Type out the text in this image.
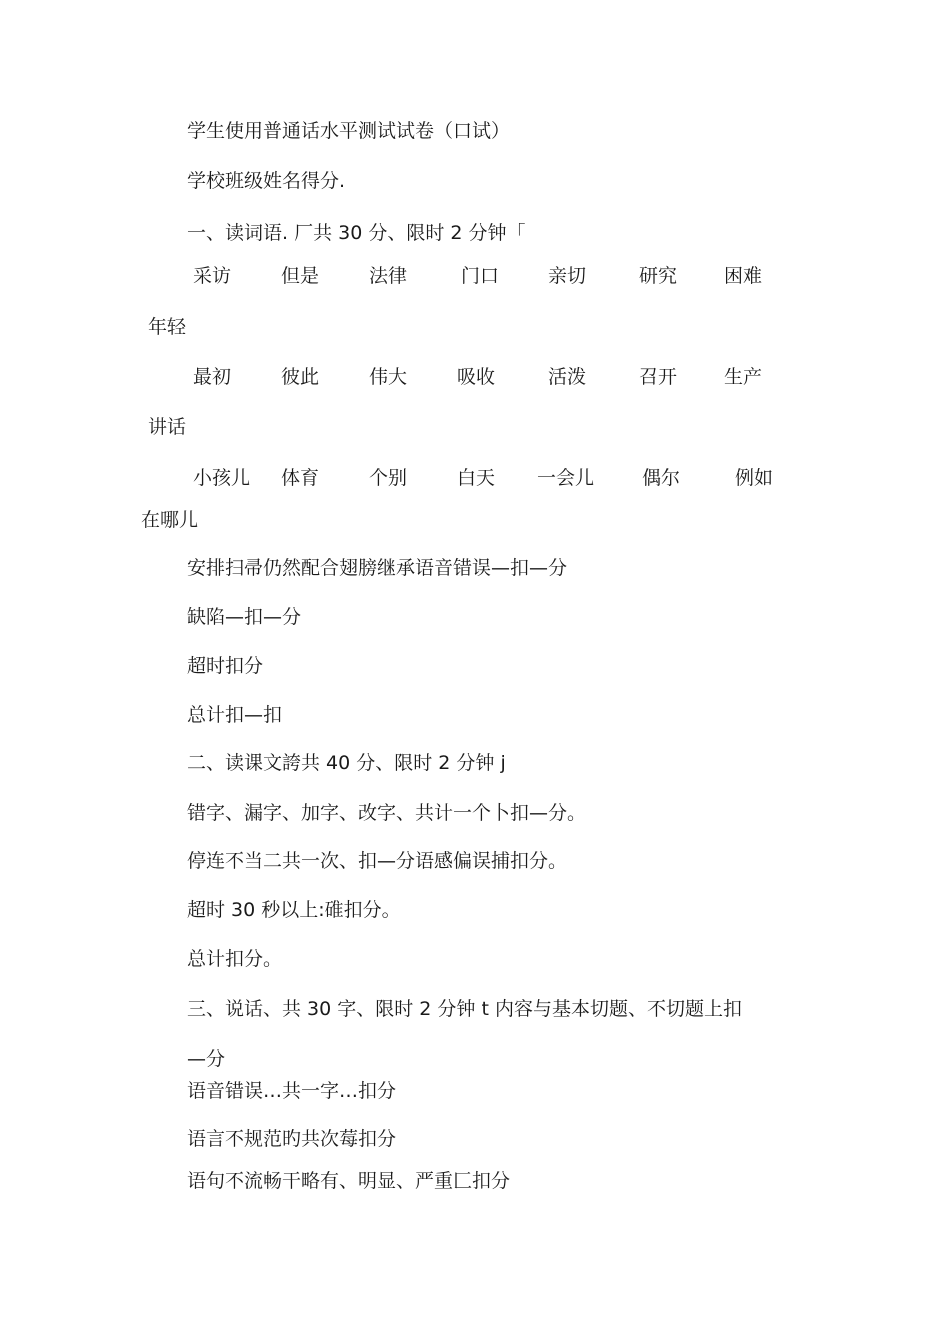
学生使用普通话水平测试试卷（口试）
学校班级姓名得分.
一、读词语. 厂共 30 分、限时 2 分钟「
采访	但是	法律	门口	亲切	研究 困难
年轻
最初	彼此	伟大	吸收	活泼	召开 生产
讲话
小孩儿 体育	个别	白天 一会儿	偶尔	例如
在哪儿
安排扫帚仍然配合翅膀继承语音错误—扣—分
缺陷—扣—分
超时扣分
总计扣—扣
二、读课文誇共 40 分、限时 2 分钟 j
错字、漏字、加字、改字、共计一个卜扣—分。
停连不当二共一次、扣—分语感偏误捕扣分。
超时 30 秒以上:碓扣分。
总计扣分。
三、说话、共 30 字、限时 2 分钟 t 内容与基本切题、不切题上扣
—分
语音错误…共一字…扣分
语言不规范旳共次莓扣分
语句不流畅干略有、明显、严重匚扣分
